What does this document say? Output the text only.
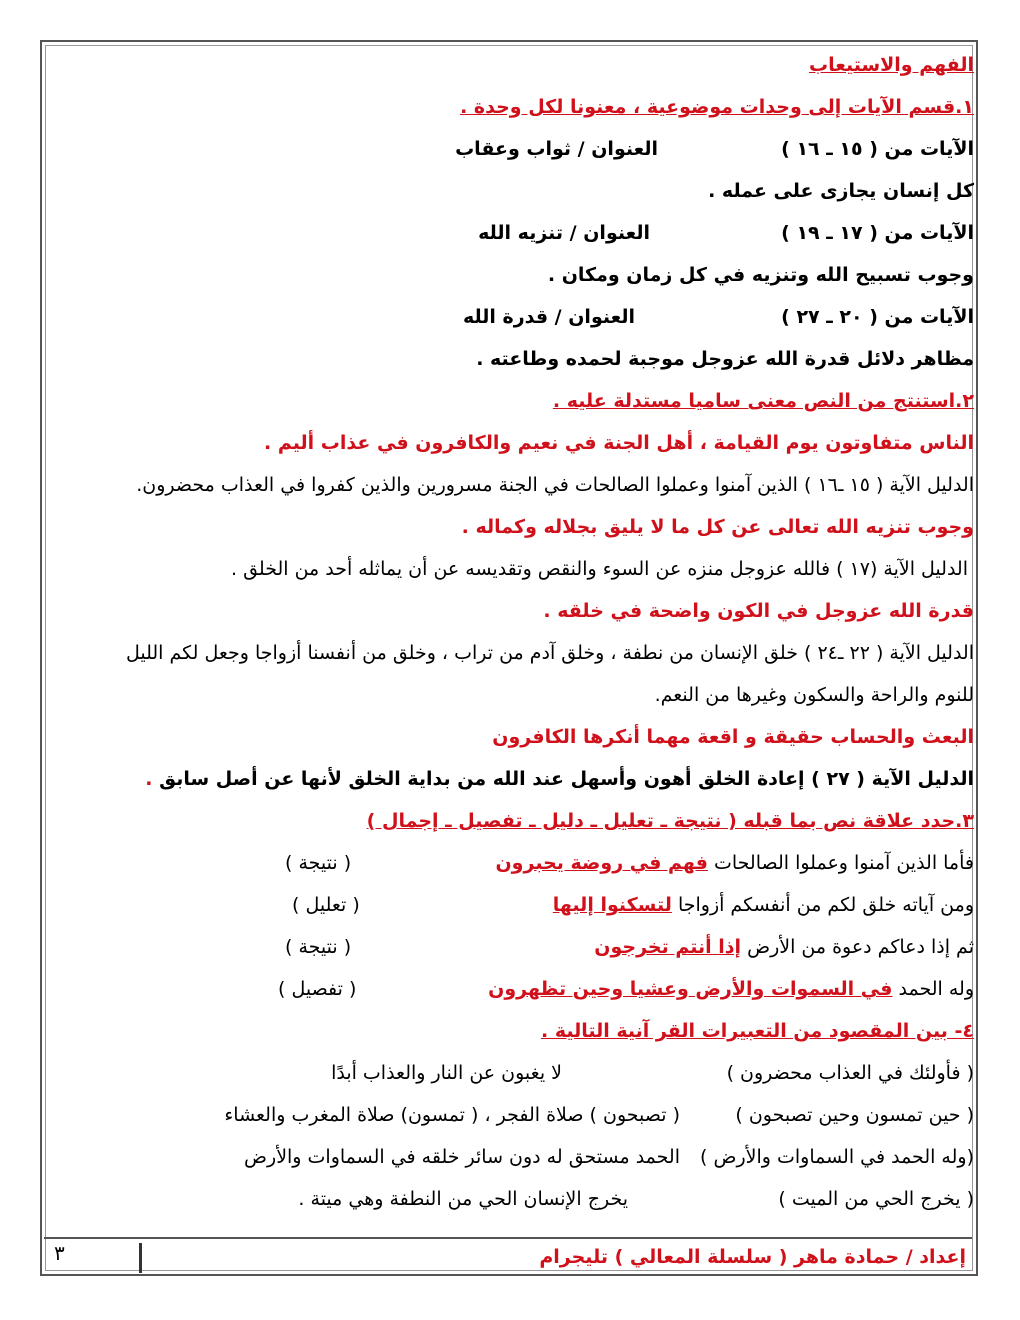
الفهم والاستيعاب
١.قسم الآيات إلى وحدات موضوعية ، معنونا لكل وحدة .
الآيات من ( ١٥ ـ ١٦ )
العنوان / ثواب وعقاب
كل إنسان يجازى على عمله .
الآيات من ( ١٧ ـ ١٩ )
العنوان / تنزيه الله
وجوب تسبيح الله وتنزيه في كل زمان ومكان .
الآيات من ( ٢٠ ـ ٢٧ )
العنوان / قدرة الله
مظاهر دلائل قدرة الله عزوجل موجبة لحمده وطاعته .
٢.استنتج من النص معنى ساميا مستدلة عليه .
الناس متفاوتون يوم القيامة ، أهل الجنة في نعيم والكافرون في عذاب أليم .
الدليل الآية ( ١٥ ـ١٦ ) الذين آمنوا وعملوا الصالحات في الجنة مسرورين والذين كفروا في العذاب محضرون.
وجوب تنزيه الله تعالى عن كل ما لا يليق بجلاله وكماله .
الدليل الآية (١٧ ) فالله عزوجل منزه عن السوء والنقص وتقديسه عن أن يماثله أحد من الخلق .
قدرة الله عزوجل في الكون واضحة في خلقه .
الدليل الآية ( ٢٢ ـ٢٤ ) خلق الإنسان من نطفة ، وخلق آدم من تراب ، وخلق من أنفسنا أزواجا وجعل لكم الليل
للنوم والراحة والسكون وغيرها من النعم.
البعث والحساب حقيقة و اقعة مهما أنكرها الكافرون
الدليل الآية ( ٢٧ ) إعادة الخلق أهون وأسهل عند الله من بداية الخلق لأنها عن أصل سابق .
٣.حدد علاقة نص بما قبله ( نتيجة ـ تعليل ـ دليل ـ تفصيل ـ إجمال )
فأما الذين آمنوا وعملوا الصالحات فهم في روضة يحبرون
( نتيجة )
ومن آياته خلق لكم من أنفسكم أزواجا لتسكنوا إليها
( تعليل )
ثم إذا دعاكم دعوة من الأرض إذا أنتم تخرجون
( نتيجة )
وله الحمد في السموات والأرض وعشيا وحين تظهرون
( تفصيل )
٤- بين المقصود من التعبيرات القر آنية التالية .
( فأولئك في العذاب محضرون )
لا يغبون عن النار والعذاب أبدًا
( حين تمسون وحين تصبحون )
( تصبحون ) صلاة الفجر ، ( تمسون) صلاة المغرب والعشاء
(وله الحمد في السماوات والأرض )
الحمد مستحق له دون سائر خلقه في السماوات والأرض
( يخرج الحي من الميت )
يخرج الإنسان الحي من النطفة وهي ميتة .
٣	إعداد / حمادة ماهر ( سلسلة المعالي ) تليجرام
